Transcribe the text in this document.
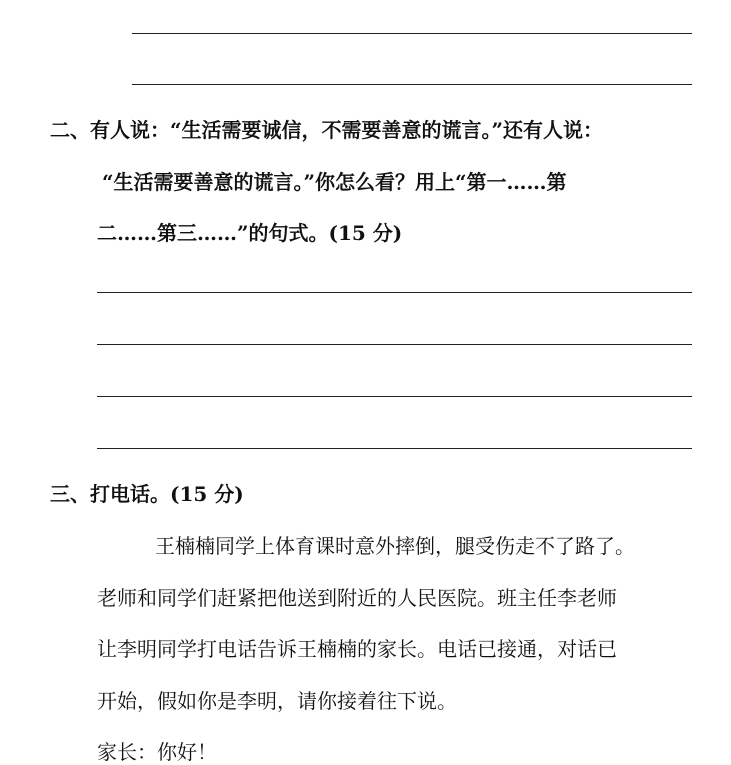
二、有人说：“生活需要诚信，不需要善意的谎言。”还有人说：
“生活需要善意的谎言。”你怎么看？用上“第一……第
二……第三……”的句式。(15 分)
三、打电话。(15 分)
王楠楠同学上体育课时意外摔倒，腿受伤走不了路了。
老师和同学们赶紧把他送到附近的人民医院。班主任李老师
让李明同学打电话告诉王楠楠的家长。电话已接通，对话已
开始，假如你是李明，请你接着往下说。
家长：你好！
